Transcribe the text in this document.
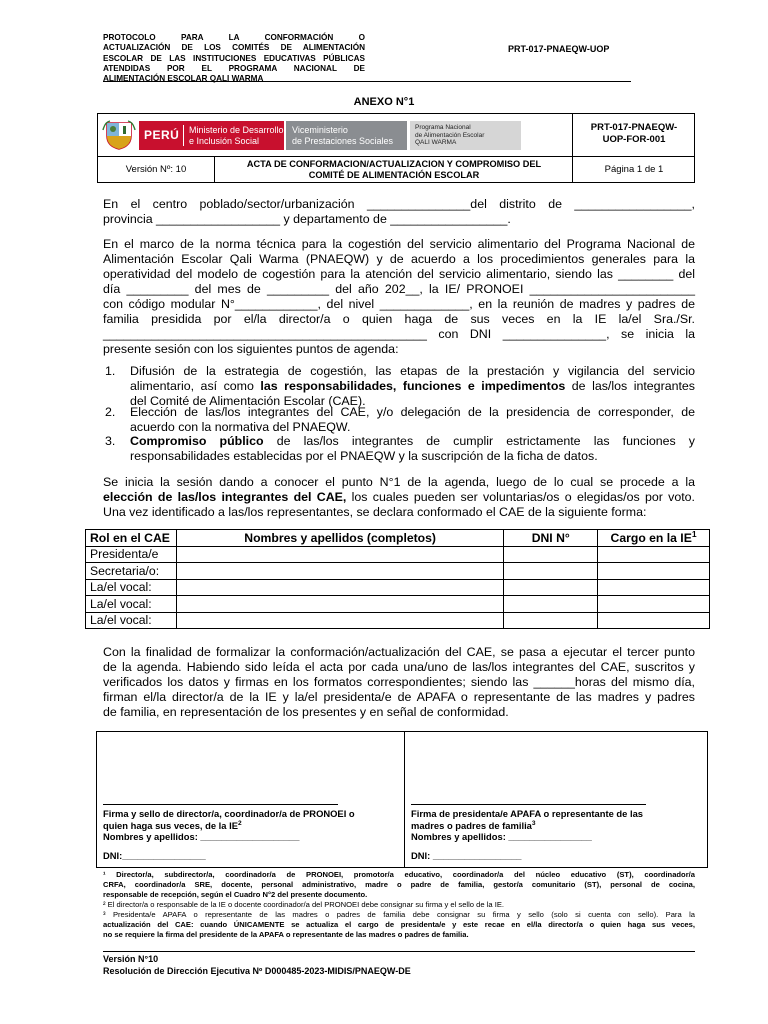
PROTOCOLO PARA LA CONFORMACIÓN O
ACTUALIZACIÓN DE LOS COMITÉS DE ALIMENTACIÓN
ESCOLAR DE LAS INSTITUCIONES EDUCATIVAS PÚBLICAS
ATENDIDAS POR EL PROGRAMA NACIONAL DE
ALIMENTACIÓN ESCOLAR QALI WARMA
PRT-017-PNAEQW-UOP
ANEXO N°1
PERÚ Ministerio de Desarrollo
e Inclusión Social
Viceministerio
de Prestaciones Sociales
Programa Nacional
de Alimentación Escolar
QALI WARMA
PRT-017-PNAEQW-
UOP-FOR-001
Versión Nº: 10	ACTA DE CONFORMACION/ACTUALIZACION Y COMPROMISO DEL
COMITÉ DE ALIMENTACIÓN ESCOLAR	Página 1 de 1
En el centro poblado/sector/urbanización _______________del distrito de _________________,
provincia __________________ y departamento de _________________.
En el marco de la norma técnica para la cogestión del servicio alimentario del Programa Nacional de
Alimentación Escolar Qali Warma (PNAEQW) y de acuerdo a los procedimientos generales para la
operatividad del modelo de cogestión para la atención del servicio alimentario, siendo las ________ del
día _________ del mes de _________ del año 202__, la IE/ PRONOEI ________________________
con código modular N°____________, del nivel _____________, en la reunión de madres y padres de
familia presidida por el/la director/a o quien haga de sus veces en la IE la/el Sra./Sr.
_______________________________________________ con DNI _______________, se inicia la
presente sesión con los siguientes puntos de agenda:
1. Difusión de la estrategia de cogestión, las etapas de la prestación y vigilancia del servicio
alimentario, así como las responsabilidades, funciones e impedimentos de las/los integrantes
del Comité de Alimentación Escolar (CAE).
2. Elección de las/los integrantes del CAE, y/o delegación de la presidencia de corresponder, de
acuerdo con la normativa del PNAEQW.
3. Compromiso público de las/los integrantes de cumplir estrictamente las funciones y
responsabilidades establecidas por el PNAEQW y la suscripción de la ficha de datos.
Se inicia la sesión dando a conocer el punto N°1 de la agenda, luego de lo cual se procede a la
elección de las/los integrantes del CAE, los cuales pueden ser voluntarias/os o elegidas/os por voto.
Una vez identificado a las/los representantes, se declara conformado el CAE de la siguiente forma:
Rol en el CAE	Nombres y apellidos (completos)	DNI N°	Cargo en la $IE^1$
Presidenta/e			
Secretaria/o:			
La/el vocal:			
La/el vocal:			
La/el vocal:			
Con la finalidad de formalizar la conformación/actualización del CAE, se pasa a ejecutar el tercer punto
de la agenda. Habiendo sido leída el acta por cada una/uno de las/los integrantes del CAE, suscritos y
verificados los datos y firmas en los formatos correspondientes; siendo las ______horas del mismo día,
firman el/la director/a de la IE y la/el presidenta/e de APAFA o representante de las madres y padres
de familia, en representación de los presentes y en señal de conformidad.
Firma y sello de director/a, coordinador/a de PRONOEI o
quien haga sus veces, de la $IE^2$
Nombres y apellidos: ___________________
DNI:________________
Firma de presidenta/e APAFA o representante de las
madres o padres de familia$^3$
Nombres y apellidos: ________________
DNI: _________________
¹ Director/a, subdirector/a, coordinador/a de PRONOEI, promotor/a educativo, coordinador/a del núcleo educativo (ST), coordinador/a
CRFA, coordinador/a SRE, docente, personal administrativo, madre o padre de familia, gestor/a comunitario (ST), personal de cocina,
responsable de recepción, según el Cuadro N°2 del presente documento.
² El director/a o responsable de la IE o docente coordinador/a del PRONOEI debe consignar su firma y el sello de la IE.
³ Presidenta/e APAFA o representante de las madres o padres de familia debe consignar su firma y sello (solo si cuenta con sello). Para la
actualización del CAE: cuando ÚNICAMENTE se actualiza el cargo de presidenta/e y este recae en el/la director/a o quien haga sus veces,
no se requiere la firma del presidente de la APAFA o representante de las madres o padres de familia.
Versión N°10
Resolución de Dirección Ejecutiva Nº D000485-2023-MIDIS/PNAEQW-DE
